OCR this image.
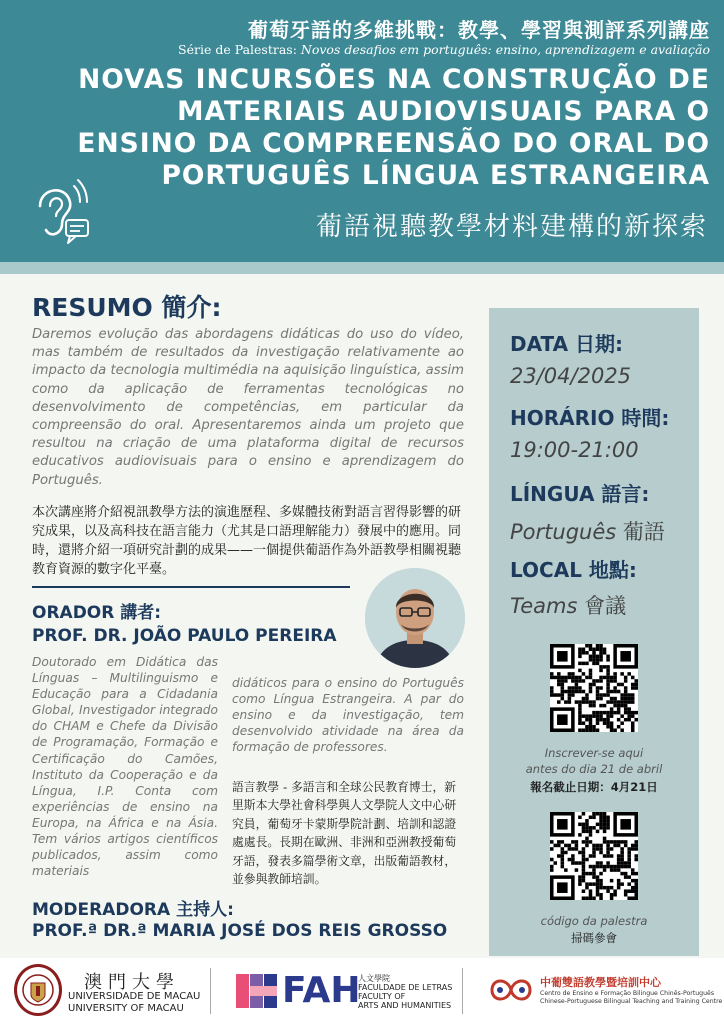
葡萄牙語的多維挑戰：教學、學習與測評系列講座
Série de Palestras: Novos desafios em português: ensino, aprendizagem e avaliação
NOVAS INCURSÕES NA CONSTRUÇÃO DE
MATERIAIS AUDIOVISUAIS PARA O
ENSINO DA COMPREENSÃO DO ORAL DO
PORTUGUÊS LÍNGUA ESTRANGEIRA
葡語視聽教學材料建構的新探索
RESUMO 簡介:
Daremos evolução das abordagens didáticas do uso do vídeo, mas também de resultados da investigação relativamente ao impacto da tecnologia multimédia na aquisição linguística, assim como da aplicação de ferramentas tecnológicas no desenvolvimento de competências, em particular da compreensão do oral. Apresentaremos ainda um projeto que resultou na criação de uma plataforma digital de recursos educativos audiovisuais para o ensino e aprendizagem do Português.
本次講座將介紹視訊教學方法的演進歷程、多媒體技術對語言習得影響的研究成果，以及高科技在語言能力（尤其是口語理解能力）發展中的應用。同時，還將介紹一項研究計劃的成果——一個提供葡語作為外語教學相關視聽教育資源的數字化平臺。
ORADOR 講者:
PROF. DR. JOÃO PAULO PEREIRA
Doutorado em Didática das Línguas – Multilinguismo e Educação para a Cidadania Global, Investigador integrado do CHAM e Chefe da Divisão de Programação, Formação e Certificação do Camões, Instituto da Cooperação e da Língua, I.P. Conta com experiências de ensino na Europa, na África e na Ásia. Tem vários artigos científicos publicados, assim como materiais
didáticos para o ensino do Português como Língua Estrangeira. A par do ensino e da investigação, tem desenvolvido atividade na área da formação de professores.
語言教學 - 多語言和全球公民教育博士，新里斯本大學社會科學與人文學院人文中心研究員，葡萄牙卡蒙斯學院計劃、培訓和認證處處長。長期在歐洲、非洲和亞洲教授葡萄牙語，發表多篇學術文章，出版葡語教材，並參與教師培訓。
MODERADORA 主持人:
PROF.ª DR.ª MARIA JOSÉ DOS REIS GROSSO
DATA 日期:
23/04/2025
HORÁRIO 時間:
19:00-21:00
LÍNGUA 語言:
Português 葡語
LOCAL 地點:
Teams 會議
Inscrever-se aqui
antes do dia 21 de abril
報名截止日期：4月21日
código da palestra
掃碼參會
澳門大學
UNIVERSIDADE DE MACAU
UNIVERSITY OF MACAU	FAH
人文學院
FACULDADE DE LETRAS
FACULTY OF
ARTS AND HUMANITIES
中葡雙語教學暨培訓中心
Centro de Ensino e Formação Bilingue Chinês-Português
Chinese-Portuguese Bilingual Teaching and Training Centre
